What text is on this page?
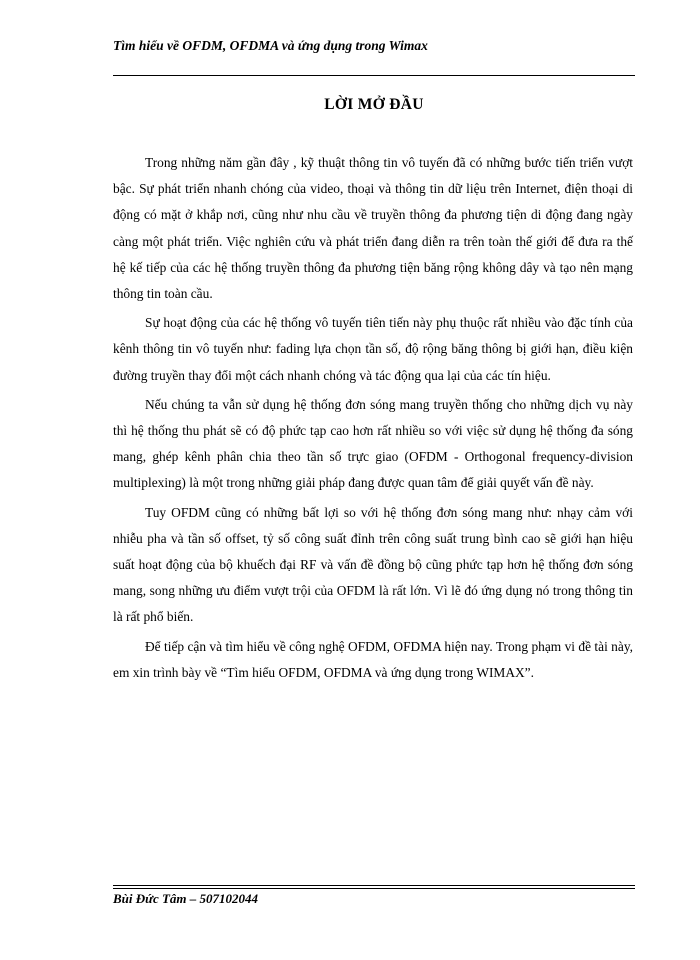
Tìm hiểu về OFDM, OFDMA và ứng dụng trong Wimax
LỜI MỞ ĐẦU

Trong những năm gần đây , kỹ thuật thông tin vô tuyến đã có những bước tiến triển vượt bậc. Sự phát triển nhanh chóng của video, thoại và thông tin dữ liệu trên Internet, điện thoại di động có mặt ở khắp nơi, cũng như nhu cầu về truyền thông đa phương tiện di động đang ngày càng một phát triển. Việc nghiên cứu và phát triển đang diễn ra trên toàn thế giới để đưa ra thế hệ kế tiếp của các hệ thống truyền thông đa phương tiện băng rộng không dây và tạo nên mạng thông tin toàn cầu.

Sự hoạt động của các hệ thống vô tuyến tiên tiến này phụ thuộc rất nhiều vào đặc tính của kênh thông tin vô tuyến như: fading lựa chọn tần số, độ rộng băng thông bị giới hạn, điều kiện đường truyền thay đổi một cách nhanh chóng và tác động qua lại của các tín hiệu.

Nếu chúng ta vẫn sử dụng hệ thống đơn sóng mang truyền thống cho những dịch vụ này thì hệ thống thu phát sẽ có độ phức tạp cao hơn rất nhiều so với việc sử dụng hệ thống đa sóng mang, ghép kênh phân chia theo tần số trực giao (OFDM - Orthogonal frequency-division multiplexing) là một trong những giải pháp đang được quan tâm để giải quyết vấn đề này.

Tuy OFDM cũng có những bất lợi so với hệ thống đơn sóng mang như: nhạy cảm với nhiễu pha và tần số offset, tỷ số công suất đỉnh trên công suất trung bình cao sẽ giới hạn hiệu suất hoạt động của bộ khuếch đại RF và vấn đề đồng bộ cũng phức tạp hơn hệ thống đơn sóng mang, song những ưu điểm vượt trội của OFDM là rất lớn. Vì lẽ đó ứng dụng nó trong thông tin là rất phổ biến.

Để tiếp cận và tìm hiểu về công nghệ OFDM, OFDMA hiện nay. Trong phạm vi đề tài này, em xin trình bày về “Tìm hiểu OFDM, OFDMA và ứng dụng trong WIMAX”.

Bùi Đức Tâm – 507102044
